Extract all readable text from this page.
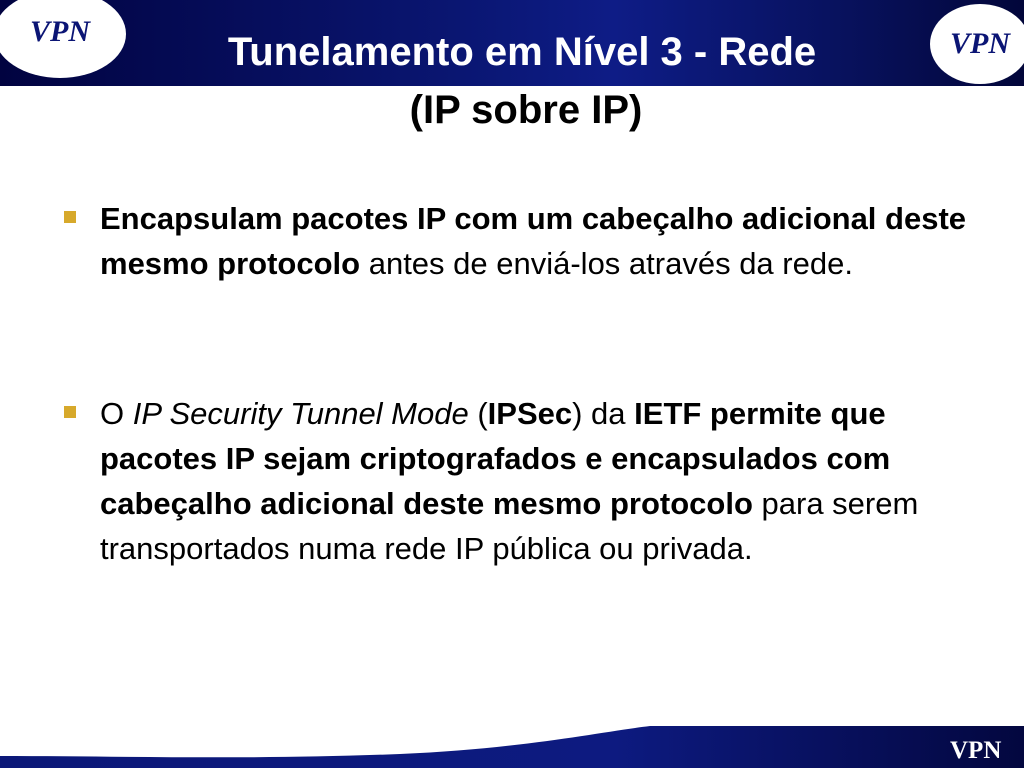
VPN	VPN
Tunelamento em Nível 3 - Rede
(IP sobre IP)
Encapsulam pacotes IP com um cabeçalho adicional deste mesmo protocolo antes de enviá-los através da rede.
O IP Security Tunnel Mode (IPSec) da IETF permite que pacotes IP sejam criptografados e encapsulados com cabeçalho adicional deste mesmo protocolo para serem transportados numa rede IP pública ou privada.
VPN
